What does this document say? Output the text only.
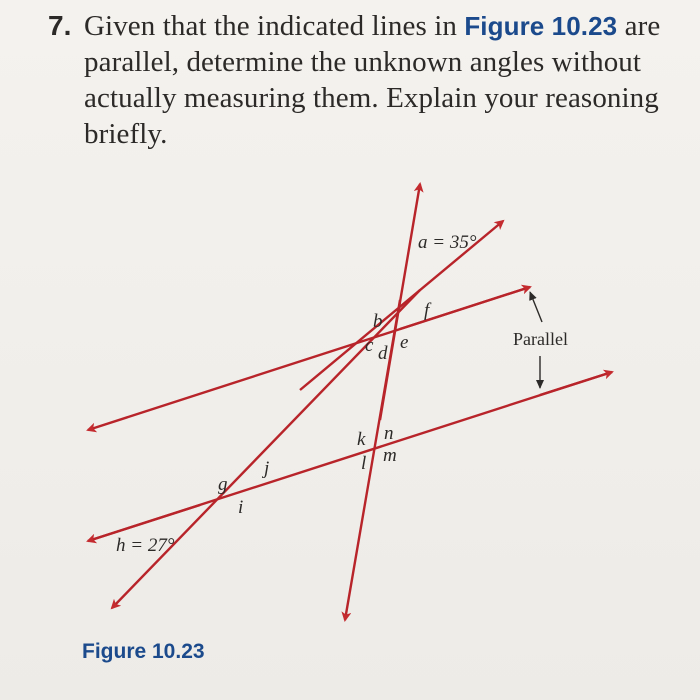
7. Given that the indicated lines in Figure 10.23 are parallel, determine the unknown angles without actually measuring them. Explain your reasoning briefly.
Parallel
a = 35°
b
c d
e
f
k n
l m
g
j
i
h = 27°
Figure 10.23
